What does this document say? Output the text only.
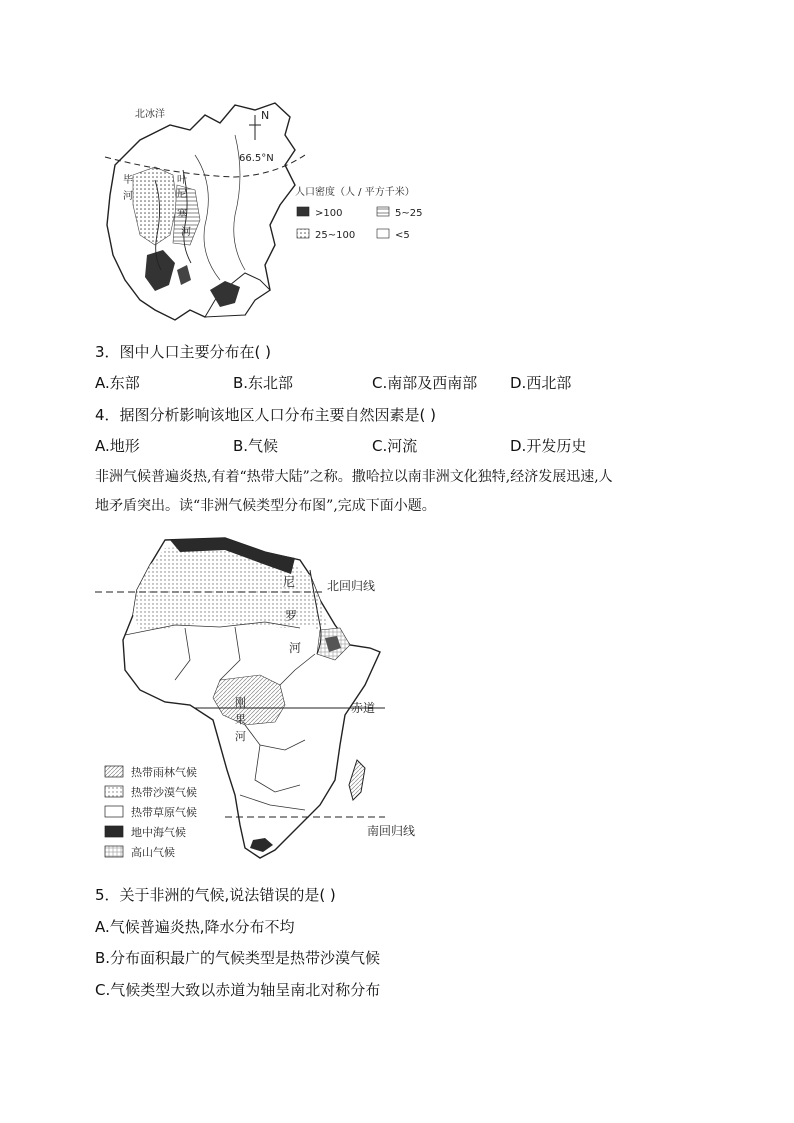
北冰洋	N
66.5°N
毕
河
叶
尼
塞
河
人口密度（人 / 平方千米）
>100	5~25
25~100	<5
3．图中人口主要分布在( )
A.东部	B.东北部	C.南部及西南部 D.西北部
4．据图分析影响该地区人口分布主要自然因素是( )
A.地形	B.气候	C.河流	D.开发历史
非洲气候普遍炎热,有着“热带大陆”之称。撒哈拉以南非洲文化独特,经济发展迅速,人
地矛盾突出。读“非洲气候类型分布图”,完成下面小题。
北回归线
赤道
南回归线
尼
罗
河
刚
果
河
热带雨林气候
热带沙漠气候
热带草原气候
地中海气候
高山气候
5．关于非洲的气候,说法错误的是( )
A.气候普遍炎热,降水分布不均
B.分布面积最广的气候类型是热带沙漠气候
C.气候类型大致以赤道为轴呈南北对称分布
